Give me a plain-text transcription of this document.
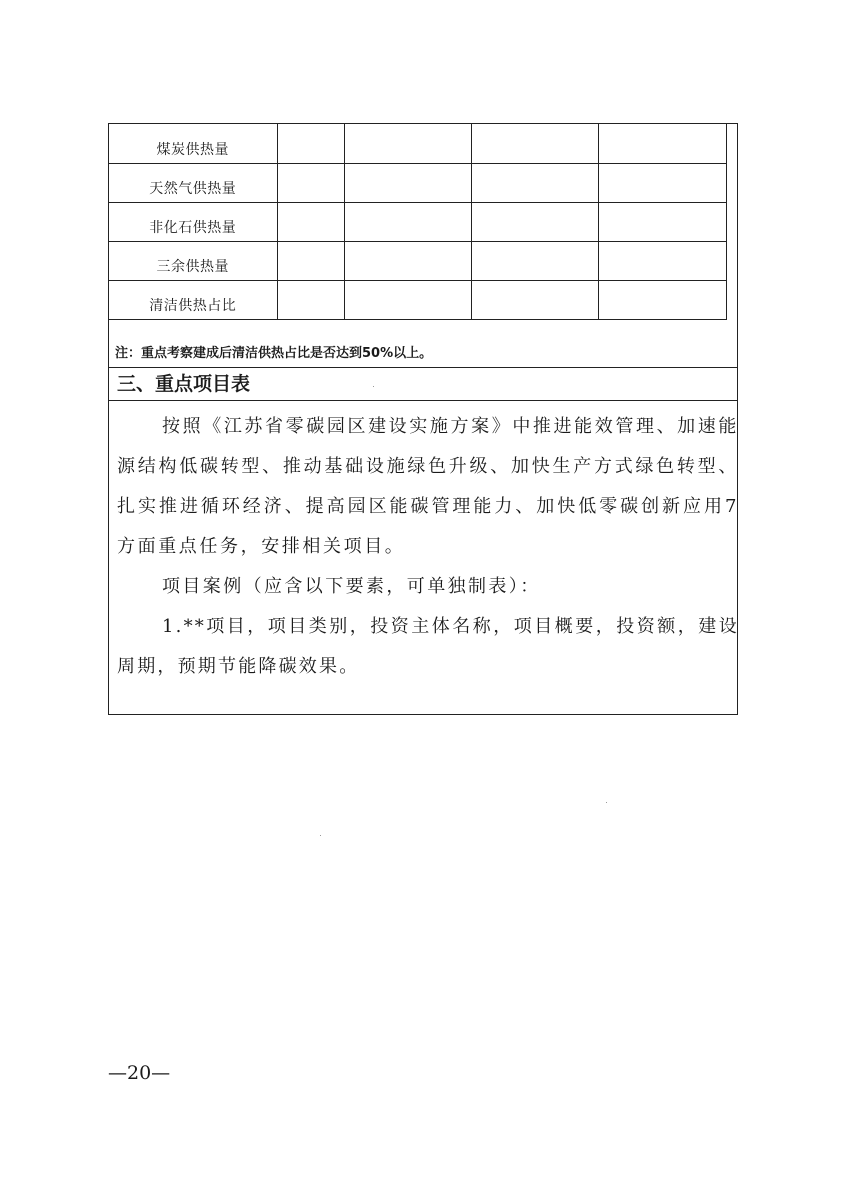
煤炭供热量				
天然气供热量				
非化石供热量				
三余供热量				
清洁供热占比				
注：重点考察建成后清洁供热占比是否达到50%以上。
三、重点项目表

按照《江苏省零碳园区建设实施方案》中推进能效管理、加速能源结构低碳转型、推动基础设施绿色升级、加快生产方式绿色转型、扎实推进循环经济、提高园区能碳管理能力、加快低零碳创新应用7方面重点任务，安排相关项目。

项目案例（应含以下要素，可单独制表）：

1.**项目，项目类别，投资主体名称，项目概要，投资额，建设周期，预期节能降碳效果。

—20—
